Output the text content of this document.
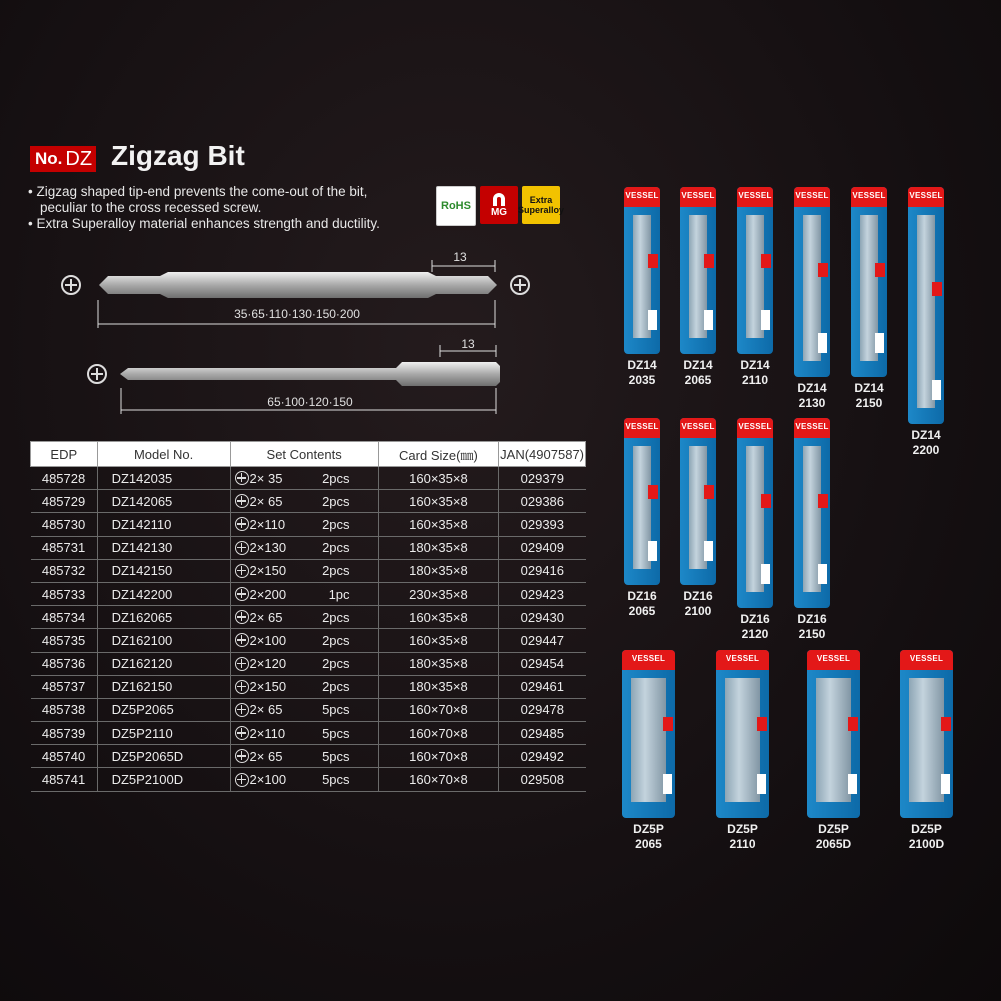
No. DZ Zigzag Bit
• Zigzag shaped tip-end prevents the come-out of the bit,
peculiar to the cross recessed screw.
• Extra Superalloy material enhances strength and ductility.
RoHS	MG
Extra Superalloy
13
35·65·110·130·150·200
13
65·100·120·150
EDP	Model No.	Set Contents	Card Size(㎜)	JAN(4907587)
485728	DZ142035	2× 35 2pcs	160×35×8	029379
485729	DZ142065	2× 65 2pcs	160×35×8	029386
485730	DZ142110	2×110 2pcs	160×35×8	029393
485731	DZ142130	2×130 2pcs	180×35×8	029409
485732	DZ142150	2×150 2pcs	180×35×8	029416
485733	DZ142200	2×200 1pc	230×35×8	029423
485734	DZ162065	2× 65 2pcs	160×35×8	029430
485735	DZ162100	2×100 2pcs	160×35×8	029447
485736	DZ162120	2×120 2pcs	180×35×8	029454
485737	DZ162150	2×150 2pcs	180×35×8	029461
485738	DZ5P2065	2× 65 5pcs	160×70×8	029478
485739	DZ5P2110	2×110 5pcs	160×70×8	029485
485740	DZ5P2065D	2× 65 5pcs	160×70×8	029492
485741	DZ5P2100D	2×100 5pcs	160×70×8	029508
VESSEL
DZ14
2035
VESSEL
DZ14
2065
VESSEL
DZ14
2110
VESSEL
DZ14
2130
VESSEL
DZ14
2150
VESSEL
DZ14
2200
VESSEL
DZ16
2065
VESSEL
DZ16
2100
VESSEL
DZ16
2120
VESSEL
DZ16
2150
VESSEL
DZ5P
2065
VESSEL
DZ5P
2110
VESSEL
DZ5P
2065D
VESSEL
DZ5P
2100D
